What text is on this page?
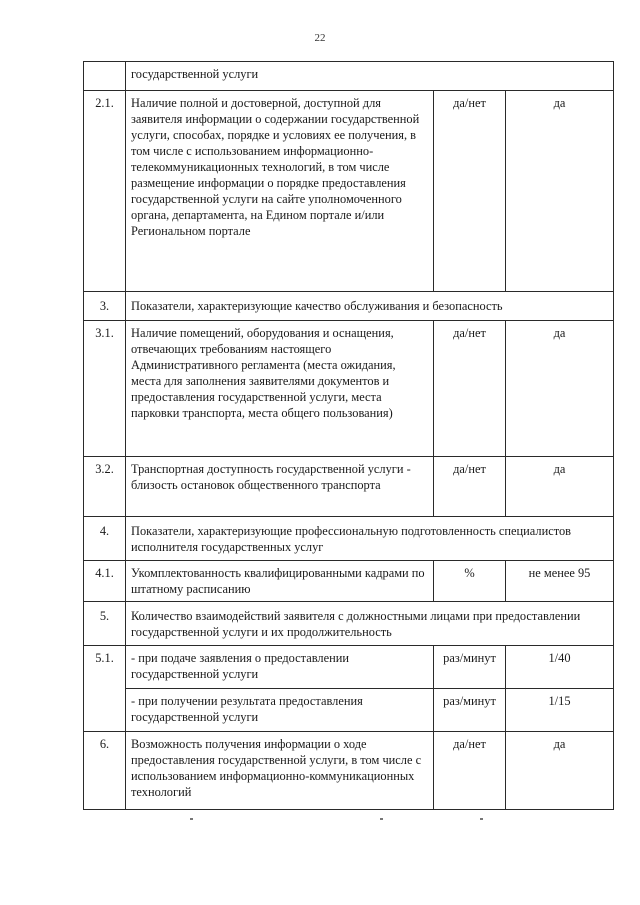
22
	государственной услуги		
2.1.	Наличие полной и достоверной, доступной для заявителя информации о содержании государственной услуги, способах, порядке и условиях ее получения, в том числе с использованием информационно-телекоммуникационных технологий, в том числе размещение информации о порядке предоставления государственной услуги на сайте уполномоченного органа, департамента, на Едином портале и/или Региональном портале	да/нет	да
3.	Показатели, характеризующие качество обслуживания и безопасность		
3.1.	Наличие помещений, оборудования и оснащения, отвечающих требованиям настоящего Административного регламента (места ожидания, места для заполнения заявителями документов и предоставления государственной услуги, места парковки транспорта, места общего пользования)	да/нет	да
3.2.	Транспортная доступность государственной услуги - близость остановок общественного транспорта	да/нет	да
4.	Показатели, характеризующие профессиональную подготовленность специалистов исполнителя государственных услуг		
4.1.	Укомплектованность квалифицированными кадрами по штатному расписанию	%	не менее 95
5.	Количество взаимодействий заявителя с должностными лицами при предоставлении государственной услуги и их продолжительность		
5.1.	- при подаче заявления о предоставлении государственной услуги	раз/минут	1/40
	- при получении результата предоставления государственной услуги	раз/минут	1/15
6.	Возможность получения информации о ходе предоставления государственной услуги, в том числе с использованием информационно-коммуникационных технологий	да/нет	да
